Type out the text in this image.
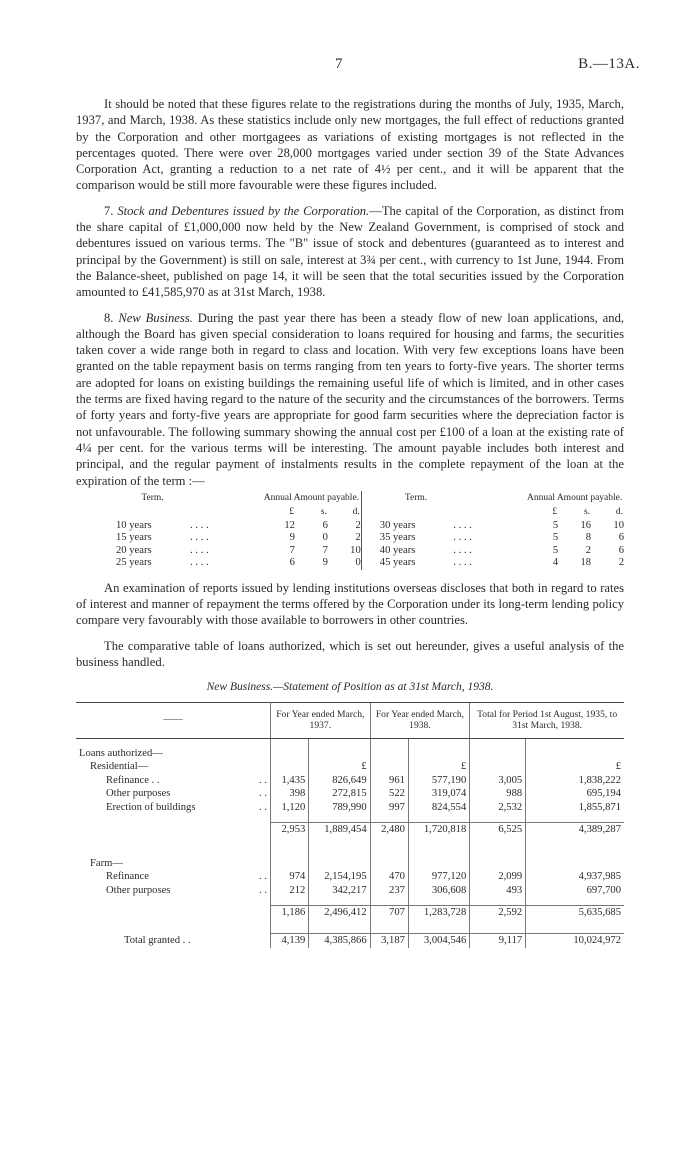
7	B.—13A.

It should be noted that these figures relate to the registrations during the months of July, 1935, March, 1937, and March, 1938. As these statistics include only new mortgages, the full effect of reductions granted by the Corporation and other mortgagees as variations of existing mortgages is not reflected in the percentages quoted. There were over 28,000 mortgages varied under section 39 of the State Advances Corporation Act, granting a reduction to a net rate of 4½ per cent., and it will be apparent that the comparison would be still more favourable were these figures included.

7. Stock and Debentures issued by the Corporation.—The capital of the Corporation, as distinct from the share capital of £1,000,000 now held by the New Zealand Government, is comprised of stock and debentures issued on various terms. The "B" issue of stock and debentures (guaranteed as to interest and principal by the Government) is still on sale, interest at 3¾ per cent., with currency to 1st June, 1944. From the Balance-sheet, published on page 14, it will be seen that the total securities issued by the Corporation amounted to £41,585,970 as at 31st March, 1938.

8. New Business. During the past year there has been a steady flow of new loan applications, and, although the Board has given special consideration to loans required for housing and farms, the securities taken cover a wide range both in regard to class and location. With very few exceptions loans have been granted on the table repayment basis on terms ranging from ten years to forty-five years. The shorter terms are adopted for loans on existing buildings the remaining useful life of which is limited, and in other cases the terms are fixed having regard to the nature of the security and the circumstances of the borrowers. Terms of forty years and forty-five years are appropriate for good farm securities where the depreciation factor is not unfavourable. The following summary showing the annual cost per £100 of a loan at the existing rate of 4¼ per cent. for the various terms will be interesting. The amount payable includes both interest and principal, and the regular payment of instalments results in the complete repayment of the loan at the expiration of the term :—

Term.		Annual Amount payable.			Term.		Annual Amount payable.		
		£	s.	d.			£	s.	d.
10 years	. . . .	12	6	2	30 years	. . . .	5	16	10
15 years	. . . .	9	0	2	35 years	. . . .	5	8	6
20 years	. . . .	7	7	10	40 years	. . . .	5	2	6
25 years	. . . .	6	9	0	45 years	. . . .	4	18	2

An examination of reports issued by lending institutions overseas discloses that both in regard to rates of interest and manner of repayment the terms offered by the Corporation under its long-term lending policy compare very favourably with those available to borrowers in other countries.

The comparative table of loans authorized, which is set out hereunder, gives a useful analysis of the business handled.

New Business.—Statement of Position as at 31st March, 1938.
——	For Year ended March, 1937.		For Year ended March, 1938.		Total for Period 1st August, 1935, to 31st March, 1938.	

Loans authorized—						
Residential—		£		£		£
Refinance . . . .	1,435	826,649	961	577,190	3,005	1,838,222
Other purposes . .	398	272,815	522	319,074	988	695,194
Erection of buildings . .	1,120	789,990	997	824,554	2,532	1,855,871

	2,953	1,889,454	2,480	1,720,818	6,525	4,389,287

Farm—						
Refinance . .	974	2,154,195	470	977,120	2,099	4,937,985
Other purposes . .	212	342,217	237	306,608	493	697,700

	1,186	2,496,412	707	1,283,728	2,592	5,635,685

Total granted . .	4,139	4,385,866	3,187	3,004,546	9,117	10,024,972
